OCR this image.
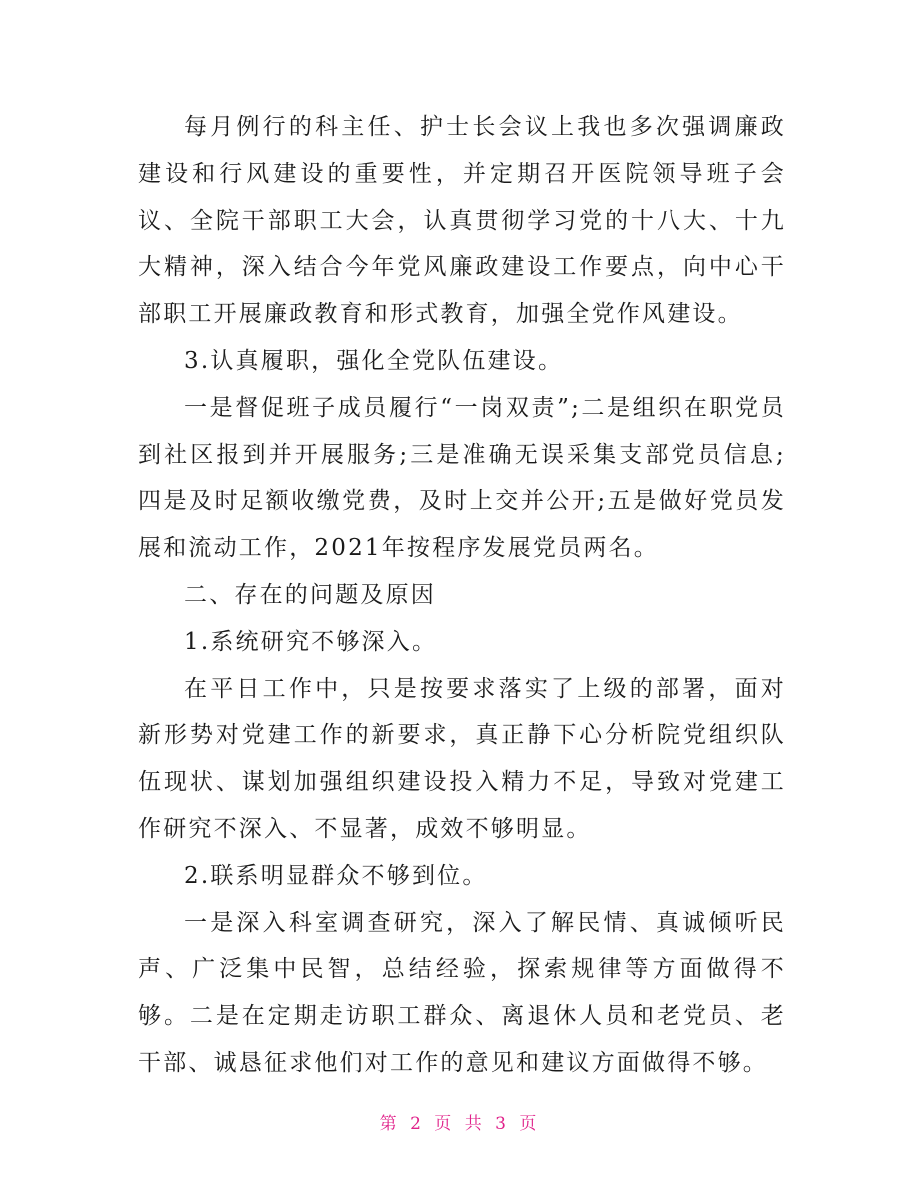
每月例行的科主任、护士长会议上我也多次强调廉政建设和行风建设的重要性，并定期召开医院领导班子会议、全院干部职工大会，认真贯彻学习党的十八大、十九大精神，深入结合今年党风廉政建设工作要点，向中心干部职工开展廉政教育和形式教育，加强全党作风建设。

3.认真履职，强化全党队伍建设。

一是督促班子成员履行“一岗双责”;二是组织在职党员到社区报到并开展服务;三是准确无误采集支部党员信息;四是及时足额收缴党费，及时上交并公开;五是做好党员发展和流动工作，2021年按程序发展党员两名。

二、存在的问题及原因

1.系统研究不够深入。

在平日工作中，只是按要求落实了上级的部署，面对新形势对党建工作的新要求，真正静下心分析院党组织队伍现状、谋划加强组织建设投入精力不足，导致对党建工作研究不深入、不显著，成效不够明显。

2.联系明显群众不够到位。

一是深入科室调查研究，深入了解民情、真诚倾听民声、广泛集中民智，总结经验，探索规律等方面做得不够。二是在定期走访职工群众、离退休人员和老党员、老干部、诚恳征求他们对工作的意见和建议方面做得不够。

第 2 页 共 3 页
